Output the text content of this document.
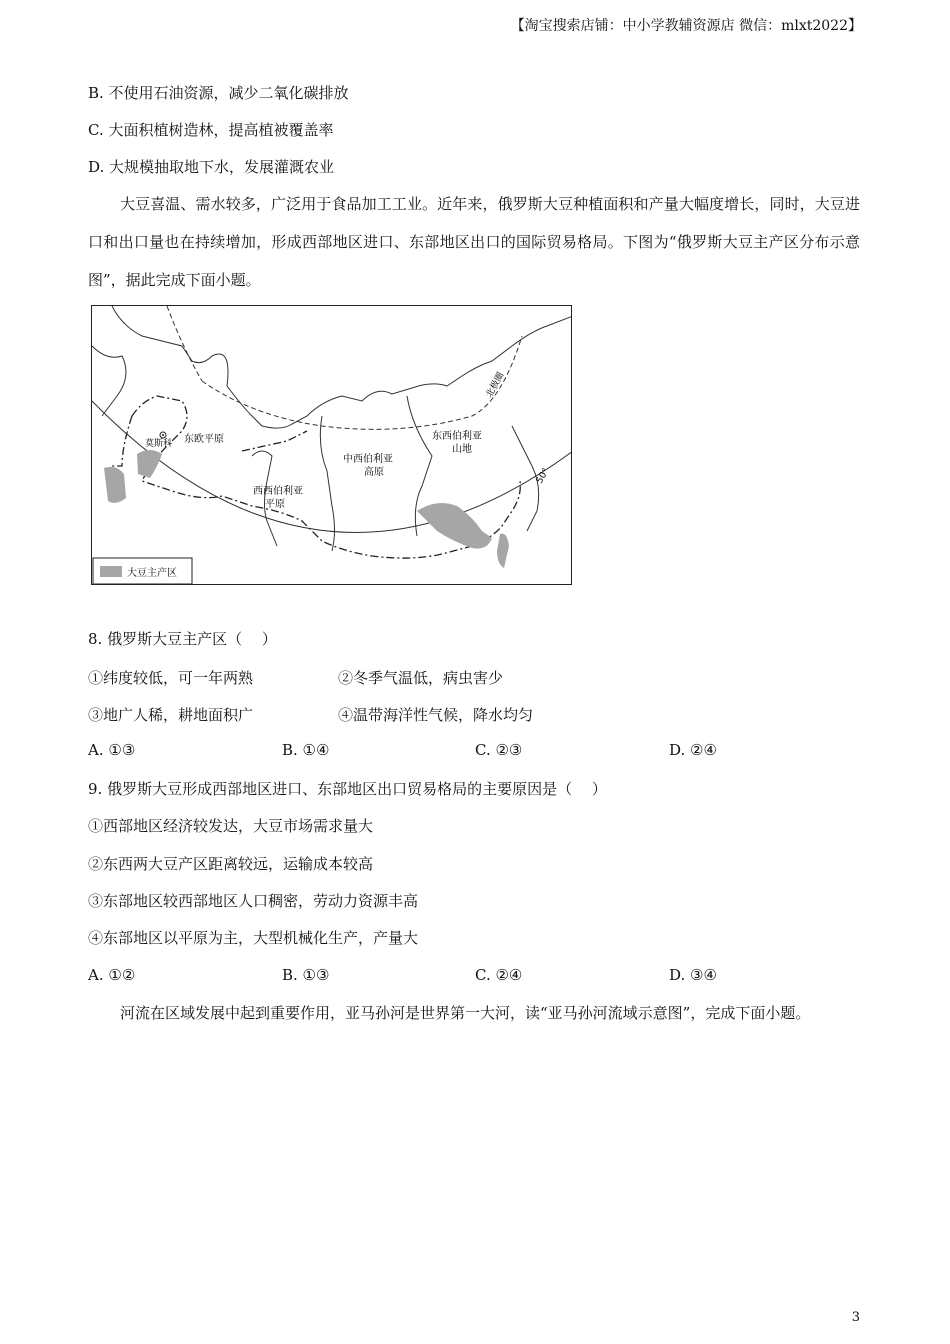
【淘宝搜索店铺：中小学教辅资源店 微信：mlxt2022】
B. 不使用石油资源，减少二氧化碳排放
C. 大面积植树造林，提高植被覆盖率
D. 大规模抽取地下水，发展灌溉农业

大豆喜温、需水较多，广泛用于食品加工工业。近年来，俄罗斯大豆种植面积和产量大幅度增长，同时，大豆进口和出口量也在持续增加，形成西部地区进口、东部地区出口的国际贸易格局。下图为“俄罗斯大豆主产区分布示意图”，据此完成下面小题。

莫斯科 东欧平原
西西伯利亚
平原
中西伯利亚
高原
东西伯利亚
山地
北极圈
50°
大豆主产区
8. 俄罗斯大豆主产区（　 ）
①纬度较低，可一年两熟	②冬季气温低，病虫害少
③地广人稀，耕地面积广	④温带海洋性气候，降水均匀
A. ①③	B. ①④	C. ②③	D. ②④
9. 俄罗斯大豆形成西部地区进口、东部地区出口贸易格局的主要原因是（　 ）
①西部地区经济较发达，大豆市场需求量大
②东西两大豆产区距离较远，运输成本较高
③东部地区较西部地区人口稠密，劳动力资源丰高
④东部地区以平原为主，大型机械化生产，产量大
A. ①②	B. ①③	C. ②④	D. ③④

河流在区域发展中起到重要作用，亚马孙河是世界第一大河，读“亚马孙河流域示意图”，完成下面小题。

3
